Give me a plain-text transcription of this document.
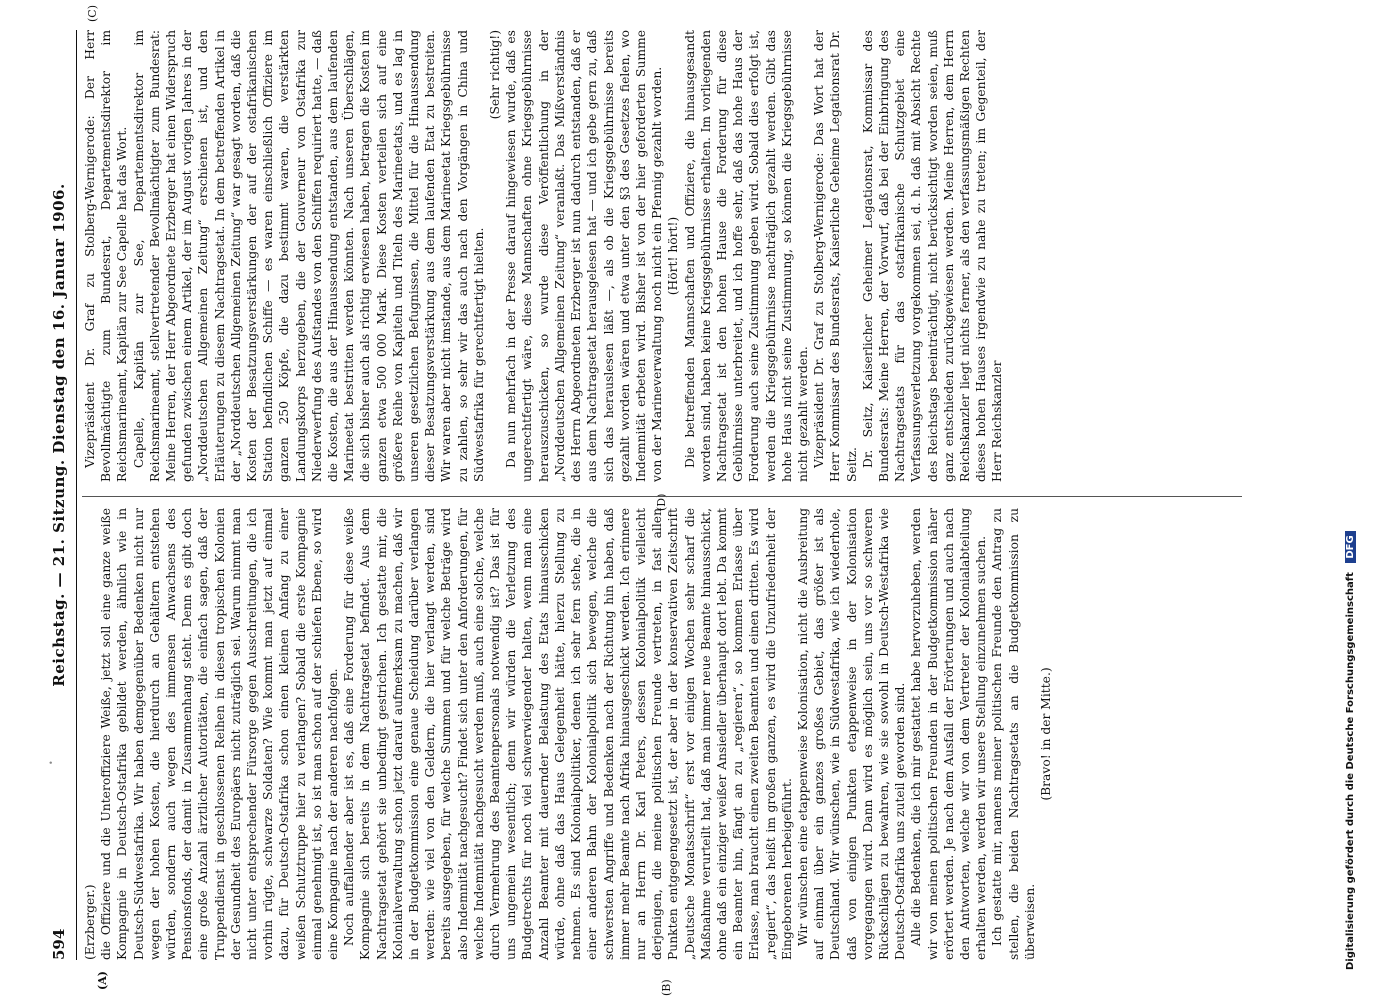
•
594
Reichstag. — 21. Sitzung. Dienstag den 16. Januar 1906.
(A)	(B)
(C)
(D)

(Erzberger.) die Offiziere und die Unteroffiziere Weiße, jetzt soll eine ganze weiße Kompagnie in Deutsch-Ostafrika gebildet werden, ähnlich wie in Deutsch-Südwestafrika. Wir haben demgegenüber Bedenken nicht nur wegen der hohen Kosten, die hierdurch an Gehältern entstehen würden, sondern auch wegen des immensen Anwachsens des Pensionsfonds, der damit in Zusammenhang steht. Denn es gibt doch eine große Anzahl ärztlicher Autoritäten, die einfach sagen, daß der Truppendienst in geschlossenen Reihen in diesen tropischen Kolonien der Gesundheit des Europäers nicht zuträglich sei. Warum nimmt man nicht unter entsprechender Fürsorge gegen Ausschreitungen, die ich vorhin rügte, schwarze Soldaten? Wie kommt man jetzt auf einmal dazu, für Deutsch-Ostafrika schon einen kleinen Anfang zu einer weißen Schutztruppe hier zu verlangen? Sobald die erste Kompagnie einmal genehmigt ist, so ist man schon auf der schiefen Ebene, so wird eine Kompagnie nach der anderen nachfolgen. Noch auffallender aber ist es, daß eine Forderung für diese weiße Kompagnie sich bereits in dem Nachtragsetat befindet. Aus dem Nachtragsetat gehört sie unbedingt gestrichen. Ich gestatte mir, die Kolonialverwaltung schon jetzt darauf aufmerksam zu machen, daß wir in der Budgetkommission eine genaue Scheidung darüber verlangen werden: wie viel von den Geldern, die hier verlangt werden, sind bereits ausgegeben, für welche Summen und für welche Beträge wird also Indemnität nachgesucht? Findet sich unter den Anforderungen, für welche Indemnität nachgesucht werden muß, auch eine solche, welche durch Vermehrung des Beamtenpersonals notwendig ist? Das ist für uns ungemein wesentlich; denn wir würden die Verletzung des Budgetrechts für noch viel schwerwiegender halten, wenn man eine Anzahl Beamter mit dauernder Belastung des Etats hinausschicken würde, ohne daß das Haus Gelegenheit hätte, hierzu Stellung zu nehmen. Es sind Kolonialpolitiker, denen ich sehr fern stehe, die in einer anderen Bahn der Kolonialpolitik sich bewegen, welche die schwersten Angriffe und Bedenken nach der Richtung hin haben, daß immer mehr Beamte nach Afrika hinausgeschickt werden. Ich erinnere nur an Herrn Dr. Karl Peters, dessen Kolonialpolitik vielleicht derjenigen, die meine politischen Freunde vertreten, in fast allen Punkten entgegengesetzt ist, der aber in der konservativen Zeitschrift „Deutsche Monatsschrift“ erst vor einigen Wochen sehr scharf die Maßnahme verurteilt hat, daß man immer neue Beamte hinausschickt, ohne daß ein einziger weißer Ansiedler überhaupt dort lebt. Da kommt ein Beamter hin, fängt an zu „regieren“, so kommen Erlasse über Erlasse, man braucht einen zweiten Beamten und einen dritten. Es wird „regiert“, das heißt im großen ganzen, es wird die Unzufriedenheit der Eingeborenen herbeigeführt. Wir wünschen eine etappenweise Kolonisation, nicht die Ausbreitung auf einmal über ein ganzes großes Gebiet, das größer ist als Deutschland. Wir wünschen, wie in Südwestafrika, wie ich wiederhole, daß von einigen Punkten etappenweise in der Kolonisation vorgegangen wird. Dann wird es möglich sein, uns vor so schweren Rückschlägen zu bewahren, wie sie sowohl in Deutsch-Westafrika wie Deutsch-Ostafrika uns zuteil geworden sind. Alle die Bedenken, die ich mir gestattet habe hervorzuheben, werden wir von meinen politischen Freunden in der Budgetkommission näher erörtert werden. Je nach dem Ausfall der Erörterungen und auch nach den Antworten, welche wir von dem Vertreter der Kolonialabteilung erhalten werden, werden wir unsere Stellung einzunehmen suchen. Ich gestatte mir, namens meiner politischen Freunde den Antrag zu stellen, die beiden Nachtragsetats an die Budgetkommission zu überweisen.

(Bravo! in der Mitte.)

Vizepräsident Dr. Graf zu Stolberg-Wernigerode: Der Herr Bevollmächtigte zum Bundesrat, Departementsdirektor im Reichsmarineamt, Kapitän zur See Capelle hat das Wort. Capelle, Kapitän zur See, Departementsdirektor im Reichsmarineamt, stellvertretender Bevollmächtigter zum Bundesrat: Meine Herren, der Herr Abgeordnete Erzberger hat einen Widerspruch gefunden zwischen einem Artikel, der im August vorigen Jahres in der „Norddeutschen Allgemeinen Zeitung“ erschienen ist, und den Erläuterungen zu diesem Nachtragsetat. In dem betreffenden Artikel in der „Norddeutschen Allgemeinen Zeitung“ war gesagt worden, daß die Kosten der Besatzungsverstärkungen der auf der ostafrikanischen Station befindlichen Schiffe — es waren einschließlich Offiziere im ganzen 250 Köpfe, die dazu bestimmt waren, die verstärkten Landungskorps herzugeben, die der Gouverneur von Ostafrika zur Niederwerfung des Aufstandes von den Schiffen requiriert hatte, — daß die Kosten, die aus der Hinaussendung entstanden, aus dem laufenden Marineetat bestritten werden könnten. Nach unseren Überschlägen, die sich bisher auch als richtig erwiesen haben, betragen die Kosten im ganzen etwa 500 000 Mark. Diese Kosten verteilen sich auf eine größere Reihe von Kapiteln und Titeln des Marineetats, und es lag in unseren gesetzlichen Befugnissen, die Mittel für die Hinaussendung dieser Besatzungsverstärkung aus dem laufenden Etat zu bestreiten. Wir waren aber nicht imstande, aus dem Marineetat Kriegsgebührnisse zu zahlen, so sehr wir das auch nach den Vorgängen in China und Südwestafrika für gerechtfertigt hielten.

(Sehr richtig!) Da nun mehrfach in der Presse darauf hingewiesen wurde, daß es ungerechtfertigt wäre, diese Mannschaften ohne Kriegsgebührnisse herauszuschicken, so wurde diese Veröffentlichung in der „Norddeutschen Allgemeinen Zeitung“ veranlaßt. Das Mißverständnis des Herrn Abgeordneten Erzberger ist nun dadurch entstanden, daß er aus dem Nachtragsetat herausgelesen hat — und ich gebe gern zu, daß sich das herauslesen läßt —, als ob die Kriegsgebührnisse bereits gezahlt worden wären und etwa unter den §3 des Gesetzes fielen, wo Indemnität erbeten wird. Bisher ist von der hier geforderten Summe von der Marineverwaltung noch nicht ein Pfennig gezahlt worden. (Hört! hört!) Die betreffenden Mannschaften und Offiziere, die hinausgesandt worden sind, haben keine Kriegsgebührnisse erhalten. Im vorliegenden Nachtragsetat ist den hohen Hause die Forderung für diese Gebührnisse unterbreitet, und ich hoffe sehr, daß das hohe Haus der Forderung auch seine Zustimmung geben wird. Sobald dies erfolgt ist, werden die Kriegsgebührnisse nachträglich gezahlt werden. Gibt das hohe Haus nicht seine Zustimmung, so können die Kriegsgebührnisse nicht gezahlt werden. Vizepräsident Dr. Graf zu Stolberg-Wernigerode: Das Wort hat der Herr Kommissar des Bundesrats, Kaiserliche Geheime Legationsrat Dr. Seitz. Dr. Seitz, Kaiserlicher Geheimer Legationsrat, Kommissar des Bundesrats: Meine Herren, der Vorwurf, daß bei der Einbringung des Nachtragsetats für das ostafrikanische Schutzgebiet eine Verfassungsverletzung vorgekommen sei, d. h. daß mit Absicht Rechte des Reichstags beeinträchtigt, nicht berücksichtigt worden seien, muß ganz entschieden zurückgewiesen werden. Meine Herren, dem Herrn Reichskanzler liegt nichts ferner, als den verfassungsmäßigen Rechten dieses hohen Hauses irgendwie zu nahe zu treten; im Gegenteil, der Herr Reichskanzler

Digitalisierung gefördert durch die Deutsche Forschungsgemeinschaft DFG
